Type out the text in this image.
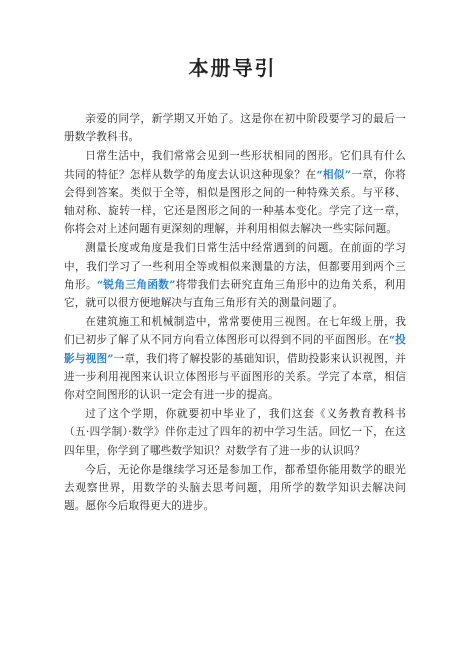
本册导引

亲爱的同学，新学期又开始了。这是你在初中阶段要学习的最后一册数学教科书。

日常生活中，我们常常会见到一些形状相同的图形。它们具有什么共同的特征？怎样从数学的角度去认识这种现象？在“相似”一章，你将会得到答案。类似于全等，相似是图形之间的一种特殊关系。与平移、轴对称、旋转一样，它还是图形之间的一种基本变化。学完了这一章，你将会对上述问题有更深刻的理解，并利用相似去解决一些实际问题。

测量长度或角度是我们日常生活中经常遇到的问题。在前面的学习中，我们学习了一些利用全等或相似来测量的方法，但都要用到两个三角形。“锐角三角函数”将带我们去研究直角三角形中的边角关系，利用它，就可以很方便地解决与直角三角形有关的测量问题了。

在建筑施工和机械制造中，常常要使用三视图。在七年级上册，我们已初步了解了从不同方向看立体图形可以得到不同的平面图形。在“投影与视图”一章，我们将了解投影的基础知识，借助投影来认识视图，并进一步利用视图来认识立体图形与平面图形的关系。学完了本章，相信你对空间图形的认识一定会有进一步的提高。

过了这个学期，你就要初中毕业了，我们这套《义务教育教科书（五·四学制）·数学》伴你走过了四年的初中学习生活。回忆一下，在这四年里，你学到了哪些数学知识？对数学有了进一步的认识吗？

今后，无论你是继续学习还是参加工作，都希望你能用数学的眼光去观察世界，用数学的头脑去思考问题，用所学的数学知识去解决问题。愿你今后取得更大的进步。
